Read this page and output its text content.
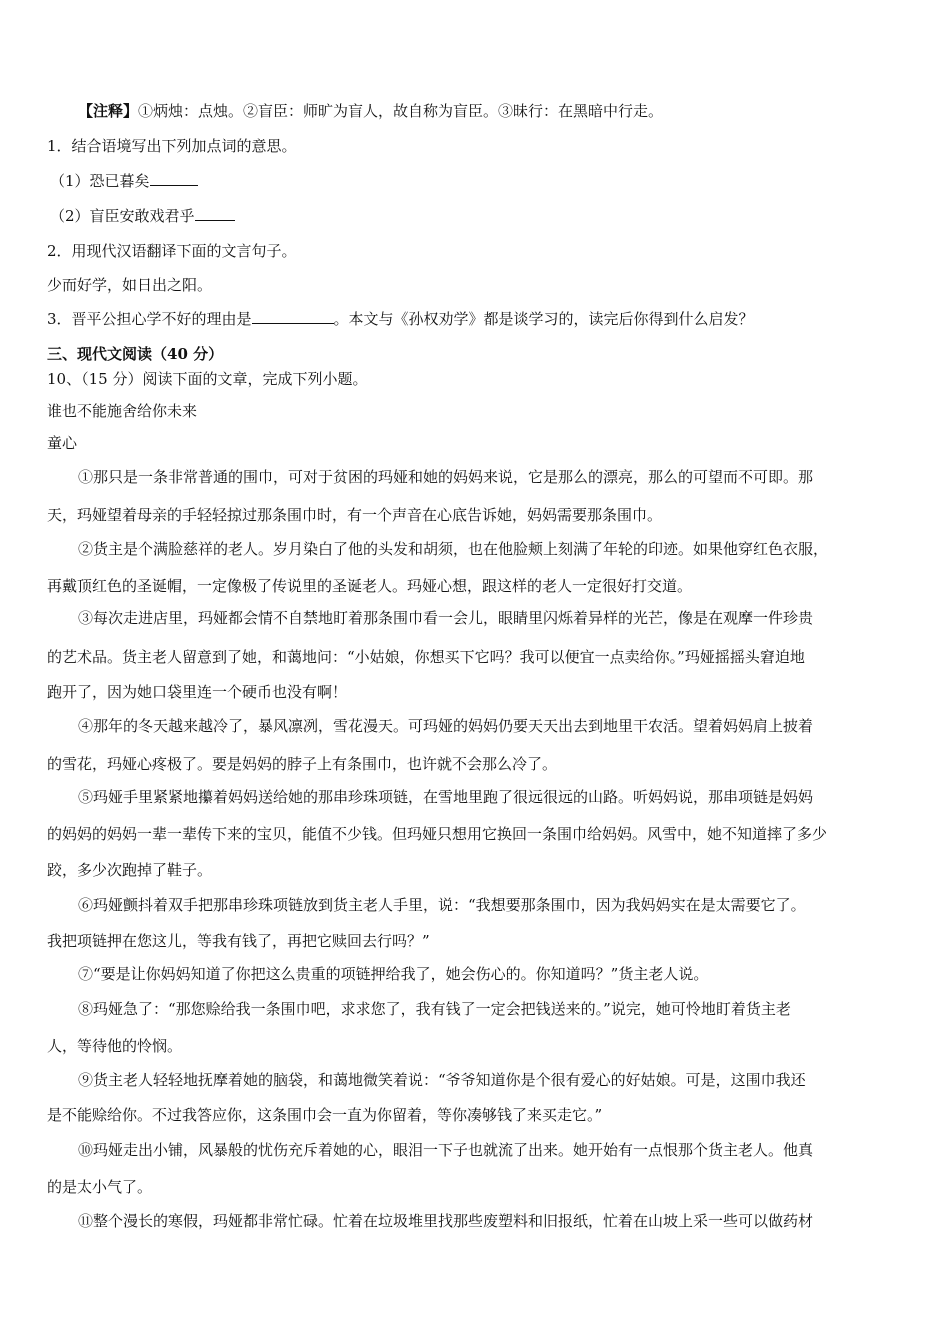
【注释】①炳烛：点烛。②盲臣：师旷为盲人，故自称为盲臣。③昧行：在黑暗中行走。
1．结合语境写出下列加点词的意思。
（1）恐已暮矣
（2）盲臣安敢戏君乎
2．用现代汉语翻译下面的文言句子。
少而好学，如日出之阳。
3．晋平公担心学不好的理由是	。本文与《孙权劝学》都是谈学习的，读完后你得到什么启发？
三、现代文阅读（40 分）
10、（15 分）阅读下面的文章，完成下列小题。
谁也不能施舍给你未来
童心
①那只是一条非常普通的围巾，可对于贫困的玛娅和她的妈妈来说，它是那么的漂亮，那么的可望而不可即。那
天，玛娅望着母亲的手轻轻掠过那条围巾时，有一个声音在心底告诉她，妈妈需要那条围巾。
②货主是个满脸慈祥的老人。岁月染白了他的头发和胡须，也在他脸颊上刻满了年轮的印迹。如果他穿红色衣服，
再戴顶红色的圣诞帽，一定像极了传说里的圣诞老人。玛娅心想，跟这样的老人一定很好打交道。
③每次走进店里，玛娅都会情不自禁地盯着那条围巾看一会儿，眼睛里闪烁着异样的光芒，像是在观摩一件珍贵
的艺术品。货主老人留意到了她，和蔼地问：“小姑娘，你想买下它吗？我可以便宜一点卖给你。”玛娅摇摇头窘迫地
跑开了，因为她口袋里连一个硬币也没有啊！
④那年的冬天越来越冷了，暴风凛冽，雪花漫天。可玛娅的妈妈仍要天天出去到地里干农活。望着妈妈肩上披着
的雪花，玛娅心疼极了。要是妈妈的脖子上有条围巾，也许就不会那么冷了。
⑤玛娅手里紧紧地攥着妈妈送给她的那串珍珠项链，在雪地里跑了很远很远的山路。听妈妈说，那串项链是妈妈
的妈妈的妈妈一辈一辈传下来的宝贝，能值不少钱。但玛娅只想用它换回一条围巾给妈妈。风雪中，她不知道摔了多少
跤，多少次跑掉了鞋子。
⑥玛娅颤抖着双手把那串珍珠项链放到货主老人手里，说：“我想要那条围巾，因为我妈妈实在是太需要它了。
我把项链押在您这儿，等我有钱了，再把它赎回去行吗？”
⑦“要是让你妈妈知道了你把这么贵重的项链押给我了，她会伤心的。你知道吗？”货主老人说。
⑧玛娅急了：“那您赊给我一条围巾吧，求求您了，我有钱了一定会把钱送来的。”说完，她可怜地盯着货主老
人，等待他的怜悯。
⑨货主老人轻轻地抚摩着她的脑袋，和蔼地微笑着说：“爷爷知道你是个很有爱心的好姑娘。可是，这围巾我还
是不能赊给你。不过我答应你，这条围巾会一直为你留着，等你凑够钱了来买走它。”
⑩玛娅走出小铺，风暴般的忧伤充斥着她的心，眼泪一下子也就流了出来。她开始有一点恨那个货主老人。他真
的是太小气了。
⑪整个漫长的寒假，玛娅都非常忙碌。忙着在垃圾堆里找那些废塑料和旧报纸，忙着在山坡上采一些可以做药材
